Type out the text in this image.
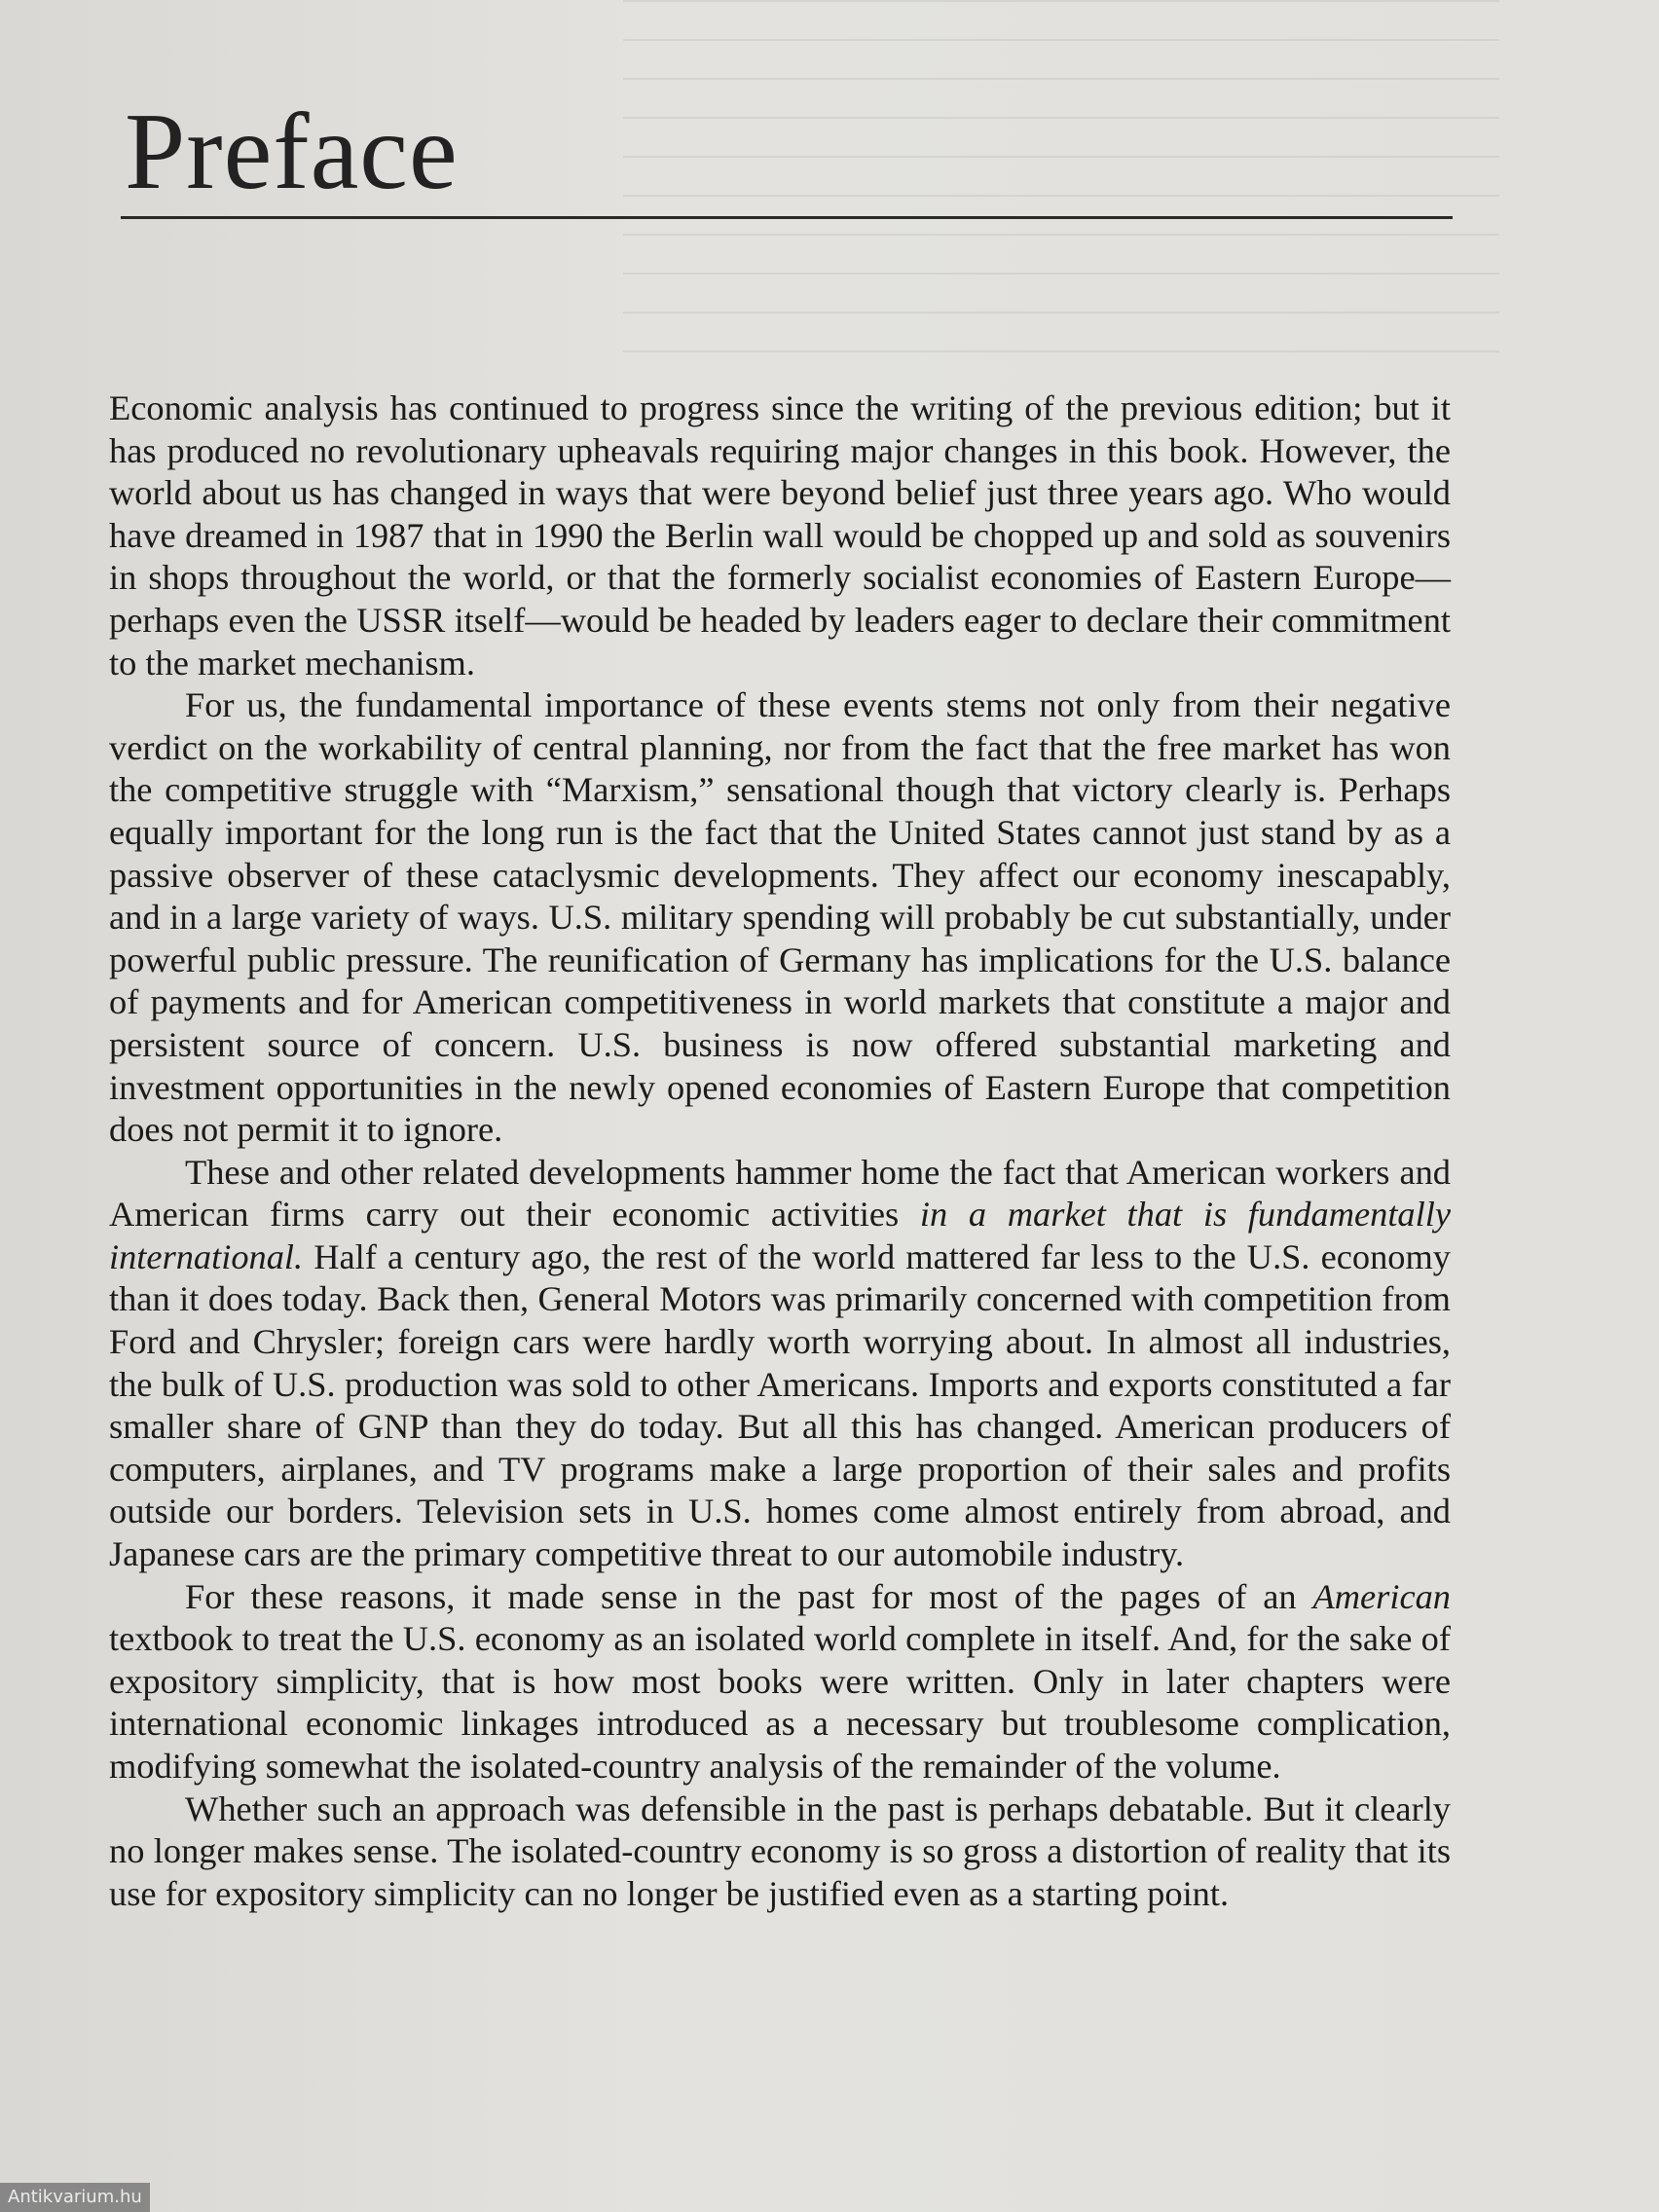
Preface

Economic analysis has continued to progress since the writing of the previous edition; but it has produced no revolutionary upheavals requiring major changes in this book. However, the world about us has changed in ways that were beyond belief just three years ago. Who would have dreamed in 1987 that in 1990 the Berlin wall would be chopped up and sold as souvenirs in shops throughout the world, or that the formerly socialist economies of Eastern Europe—perhaps even the USSR itself—would be headed by leaders eager to declare their commitment to the market mechanism.

For us, the fundamental importance of these events stems not only from their negative verdict on the workability of central planning, nor from the fact that the free market has won the competitive struggle with “Marxism,” sensational though that victory clearly is. Perhaps equally important for the long run is the fact that the United States cannot just stand by as a passive observer of these cataclysmic developments. They affect our economy inescapably, and in a large variety of ways. U.S. military spending will probably be cut substantially, under powerful public pressure. The reunification of Germany has implications for the U.S. balance of payments and for American competitiveness in world markets that constitute a major and persistent source of concern. U.S. business is now offered substantial marketing and investment opportunities in the newly opened economies of Eastern Europe that competition does not permit it to ignore.

These and other related developments hammer home the fact that American workers and American firms carry out their economic activities in a market that is fundamentally international. Half a century ago, the rest of the world mattered far less to the U.S. economy than it does today. Back then, General Motors was primarily concerned with competition from Ford and Chrysler; foreign cars were hardly worth worrying about. In almost all industries, the bulk of U.S. production was sold to other Americans. Imports and exports constituted a far smaller share of GNP than they do today. But all this has changed. American producers of computers, airplanes, and TV programs make a large proportion of their sales and profits outside our borders. Television sets in U.S. homes come almost entirely from abroad, and Japanese cars are the primary competitive threat to our automobile industry.

For these reasons, it made sense in the past for most of the pages of an American textbook to treat the U.S. economy as an isolated world complete in itself. And, for the sake of expository simplicity, that is how most books were written. Only in later chapters were international economic linkages introduced as a necessary but troublesome complication, modifying somewhat the isolated-country analysis of the remainder of the volume.

Whether such an approach was defensible in the past is perhaps debatable. But it clearly no longer makes sense. The isolated-country economy is so gross a distortion of reality that its use for expository simplicity can no longer be justified even as a starting point.

Antikvarium.hu
